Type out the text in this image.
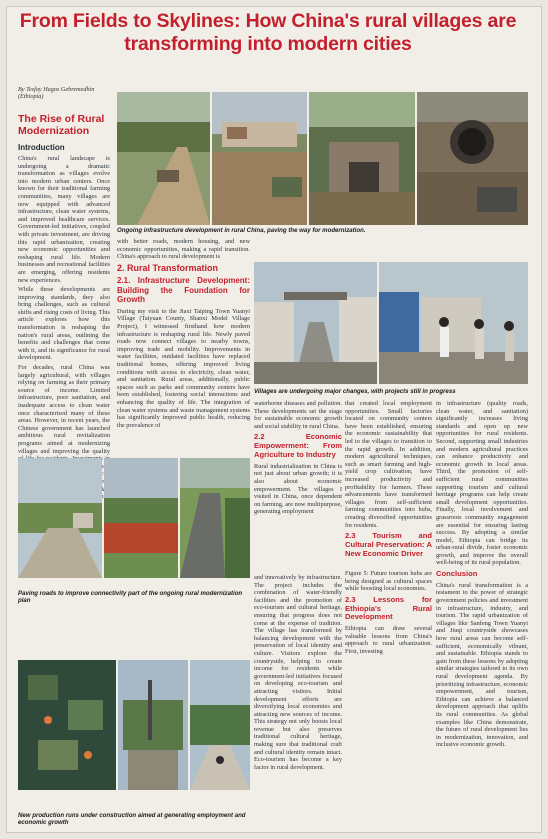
From Fields to Skylines: How China's rural villages are transforming into modern cities
By Tesfay Hagos Gebremedhin
(Ethiopia)
The Rise of Rural Modernization
Introduction

China's rural landscape is undergoing a dramatic transformation as villages evolve into modern urban centers. Once known for their traditional farming communities, many villages are now equipped with advanced infrastructure, clean water systems, and improved healthcare services. Government-led initiatives, coupled with private investment, are driving this rapid urbanization, creating new economic opportunities and reshaping rural life. Modern businesses and recreational facilities are emerging, offering residents new experiences.

While these developments are improving standards, they also bring challenges, such as cultural shifts and rising costs of living. This article explores how this transformation is reshaping the nation's rural areas, outlining the benefits and challenges that come with it, and its significance for rural development.

For decades, rural China was largely agricultural, with villages relying on farming as their primary source of income. Limited infrastructure, poor sanitation, and inadequate access to clean water once characterized many of these areas. However, in recent years, the Chinese government has launched ambitious rural revitalization programs aimed at modernizing villages and improving the quality small

Ongoing infrastructure development in rural China, paving the way for modernization.

with better roads, modern housing, and new economic opportunities, making a rapid transition. China's approach to rural development is

2. Rural Transformation
2.1. Infrastructure Development: Building the Foundation for Growth

During my visit to the Jiaxi Taiping Town Yuanyi Village (Taiyuan County, Shanxi Model Village Project), I witnessed firsthand how modern infrastructure is reshaping rural life. Newly paved roads now connect villages to nearby towns, improving trade and mobility. Improvements in water facilities, outdated facilities have replaced traditional homes, offering improved living conditions with access to electricity, clean water, and sanitation. Rural areas, additionally, public spaces such as parks and community centers have been established, fostering social interactions and enhancing the quality of life. The integration of clean water systems and waste management systems has significantly improved public health, reducing the prevalence of

Villages are undergoing major changes, with projects still in progress

waterborne diseases and pollution. These developments set the stage for sustainable economic growth and social stability in rural China.

2.2 Economic Empowerment: From Agriculture to Industry

Rural industrialization in China is not just about urban growth; it is also about economic empowerment. The villages I visited in China, once dependent on farming, are now multipurpose, generating employment

that created local employment opportunities. Small factories located on community centers have been established, ensuring the economic sustainability that led to the villages to transition to the rapid growth. In addition, modern agricultural techniques, such as smart farming and high-yield crop cultivation, have increased productivity and profitability for farmers. These advancements have transformed villages from self-sufficient farming communities into hubs, creating diversified opportunities for residents.

2.3 Tourism and Cultural Preservation: A New Economic Driver

in infrastructure (quality roads, clean water, and sanitation) significantly increases living standards and open up new opportunities for rural residents. Second, supporting small industries and modern agricultural practices can enhance productivity and economic growth in local areas. Third, the promotion of self-sufficient rural communities supporting tourism and cultural heritage programs can help create small development opportunities. Finally, local involvement and grassroots community engagement are essential for ensuring lasting success. By adopting a similar model, Ethiopia can bridge its urban-rural divide, foster economic growth, and improve the overall well-being of its rural population.

Conclusion

China's rural transformation is a testament to the power of strategic government policies and investment in infrastructure, industry, and tourism. The rapid urbanization of villages like Sanfeng Town Yuanyi and Jiuqi countryside showcases how rural areas can become self-sufficient, economically vibrant, and sustainable. Ethiopia stands to gain from these lessons by adopting similar strategies tailored to its own rural development agenda. By prioritizing infrastructure, economic empowerment, and tourism, Ethiopia can achieve a balanced development approach that uplifts its rural communities. As global examples like China demonstrate, the future of rural development lies in modernization, innovation, and inclusive economic growth.

Paving roads to improve connectivity part of the ongoing rural modernization plan

and innovatively by infrastructure. The project includes the combination of water-friendly facilities and the promotion of eco-tourism and cultural heritage, ensuring that progress does not come at the expense of tradition. The village has transformed by balancing development with the preservation of local identity and culture. Visitors explore the countryside, helping to create income for residents while government-led initiatives focused on developing eco-tourism and attracting visitors. Initial development efforts are diversifying local economies and attracting new sources of income. This strategy not only boosts local revenue but also preserves traditional cultural heritage, making sure that traditional craft and cultural identity remain intact. Eco-tourism has become a key factor in rural development.

Figure 5: Future tourism hubs are being designed as cultural spaces while boosting local economies.

2.3 Lessons for Ethiopia's Rural Development

Ethiopia can draw several valuable lessons from China's approach to rural urbanization. First, investing

New production runs under construction aimed at generating employment and economic growth
